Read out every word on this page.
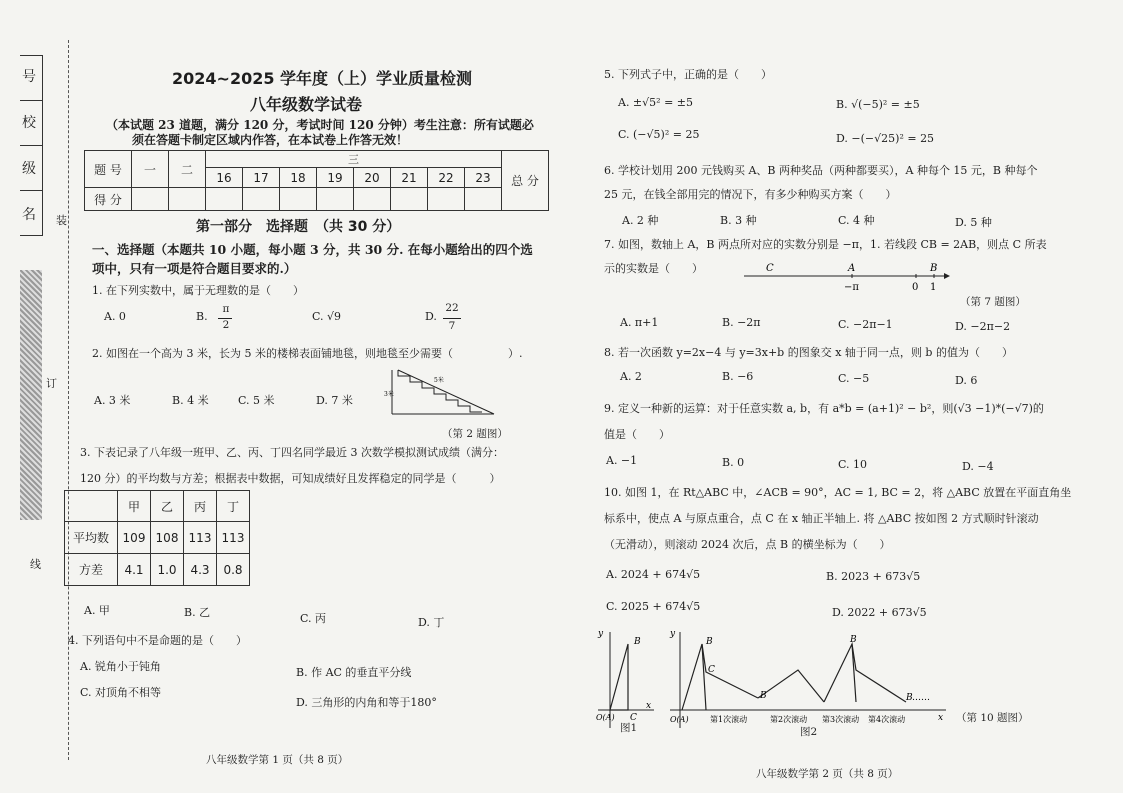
号
校
级
名 装
订
线
2024~2025 学年度（上）学业质量检测
八年级数学试卷
（本试题 23 道题，满分 120 分，考试时间 120 分钟）考生注意：所有试题必
须在答题卡制定区域内作答，在本试卷上作答无效！
题 号	一	二	三								总 分
			16	17	18	19	20	21	22	23	
得 分											
第一部分　选择题　（共 30 分）
一、选择题（本题共 10 小题，每小题 3 分，共 30 分. 在每小题给出的四个选
项中，只有一项是符合题目要求的.）
1. 在下列实数中，属于无理数的是（　　）
A. 0	B.
π
2
C. √9	D.
22
7
2. 如图在一个高为 3 米，长为 5 米的楼梯表面铺地毯，则地毯至少需要（　　　　　）.
A. 3 米	B. 4 米	C. 5 米	D. 7 米	3米
5米
（第 2 题图）
3. 下表记录了八年级一班甲、乙、丙、丁四名同学最近 3 次数学模拟测试成绩（满分：
120 分）的平均数与方差；根据表中数据，可知成绩好且发挥稳定的同学是（　　　）
	甲	乙	丙	丁
平均数	109	108	113	113
方差	4.1	1.0	4.3	0.8
A. 甲	B. 乙	C. 丙	D. 丁
4. 下列语句中不是命题的是（　　）
A. 锐角小于钝角	B. 作 AC 的垂直平分线
C. 对顶角不相等
D. 三角形的内角和等于180°
八年级数学第 1 页（共 8 页）
5. 下列式子中，正确的是（　　）
A. ±√5² = ±5	B. √(−5)² = ±5
C. (−√5)² = 25	D. −(−√25)² = 25
6. 学校计划用 200 元钱购买 A、B 两种奖品（两种都要买），A 种每个 15 元，B 种每个
25 元，在钱全部用完的情况下，有多少种购买方案（　　）
A. 2 种	B. 3 种	C. 4 种	D. 5 种
7. 如图，数轴上 A，B 两点所对应的实数分别是 −π，1. 若线段 CB = 2AB，则点 C 所表
示的实数是（　　）	C	A	B
−π	0 1
（第 7 题图）
A. π+1	B. −2π	C. −2π−1	D. −2π−2
8. 若一次函数 y=2x−4 与 y=3x+b 的图象交 x 轴于同一点，则 b 的值为（　　）
A. 2	B. −6	C. −5	D. 6
9. 定义一种新的运算：对于任意实数 a, b，有 a*b = (a+1)² − b²，则(√3 −1)*(−√7)的
值是（　　）
A. −1	B. 0	C. 10	D. −4
10. 如图 1，在 Rt△ABC 中，∠ACB = 90°，AC = 1, BC = 2，将 △ABC 放置在平面直角坐
标系中，使点 A 与原点重合，点 C 在 x 轴正半轴上. 将 △ABC 按如图 2 方式顺时针滚动
（无滑动），则滚动 2024 次后，点 B 的横坐标为（　　）
A. 2024 + 674√5	B. 2023 + 673√5
C. 2025 + 674√5	D. 2022 + 673√5
y
x
B
C
O(A)
图1
y
x
B
C
B
B
B ……
O(A)	第1次滚动	第2次滚动 第3次滚动 第4次滚动
图2
（第 10 题图）
八年级数学第 2 页（共 8 页）
